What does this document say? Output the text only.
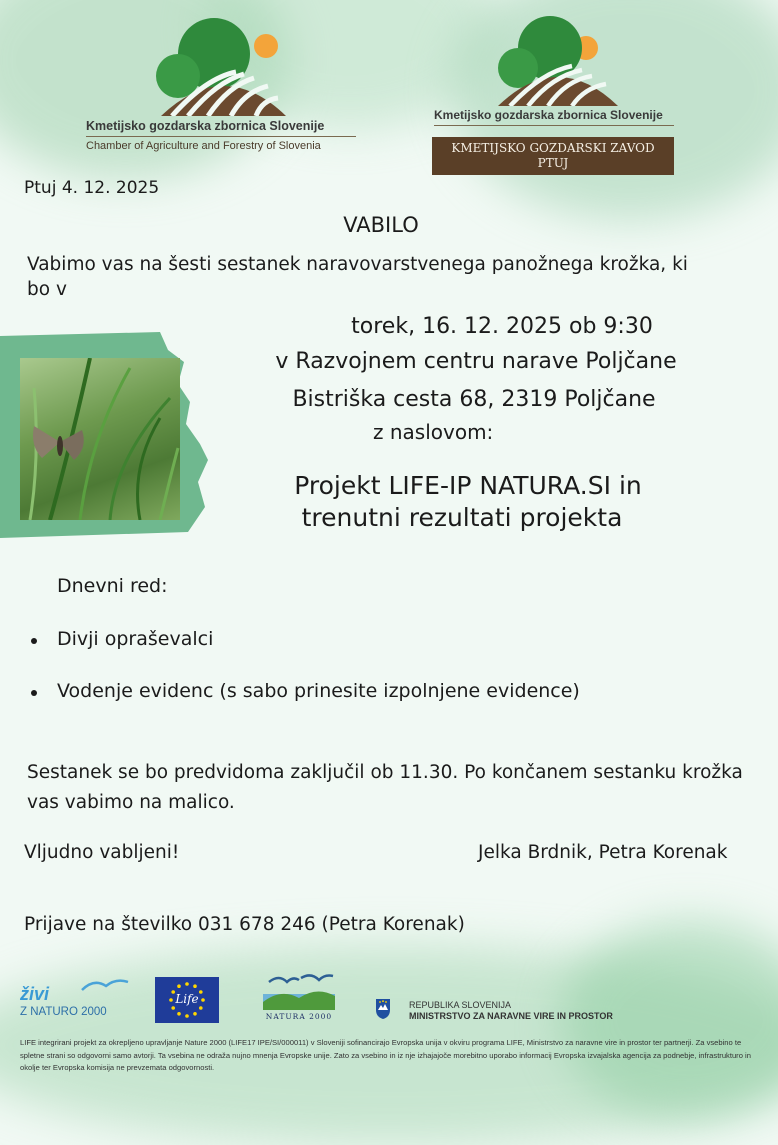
Kmetijsko gozdarska zbornica Slovenije
Chamber of Agriculture and Forestry of Slovenia
Kmetijsko gozdarska zbornica Slovenije
KMETIJSKO GOZDARSKI ZAVOD
PTUJ
Ptuj 4. 12. 2025
VABILO
Vabimo vas na šesti sestanek naravovarstvenega panožnega krožka, ki
bo v
torek, 16. 12. 2025 ob 9:30
v Razvojnem centru narave Poljčane
Bistriška cesta 68, 2319 Poljčane
z naslovom:
Projekt LIFE-IP NATURA.SI in
trenutni rezultati projekta
Dnevni red:
Divji opraševalci
Vodenje evidenc (s sabo prinesite izpolnjene evidence)
Sestanek se bo predvidoma zaključil ob 11.30. Po končanem sestanku krožka
vas vabimo na malico.
Vljudno vabljeni!	Jelka Brdnik, Petra Korenak
Prijave na številko 031 678 246 (Petra Korenak)
živi
Z NATURO 2000
Life
NATURA 2000
REPUBLIKA SLOVENIJA
MINISTRSTVO ZA NARAVNE VIRE IN PROSTOR
LIFE integrirani projekt za okrepljeno upravljanje Nature 2000 (LIFE17 IPE/SI/000011) v Sloveniji sofinancirajo Evropska unija v okviru programa LIFE, Ministrstvo za naravne vire in prostor ter partnerji. Za vsebino te spletne strani so odgovorni samo avtorji. Ta vsebina ne odraža nujno mnenja Evropske unije. Zato za vsebino in iz nje izhajajoče morebitno uporabo informacij Evropska izvajalska agencija za podnebje, infrastrukturo in okolje ter Evropska komisija ne prevzemata odgovornosti.
